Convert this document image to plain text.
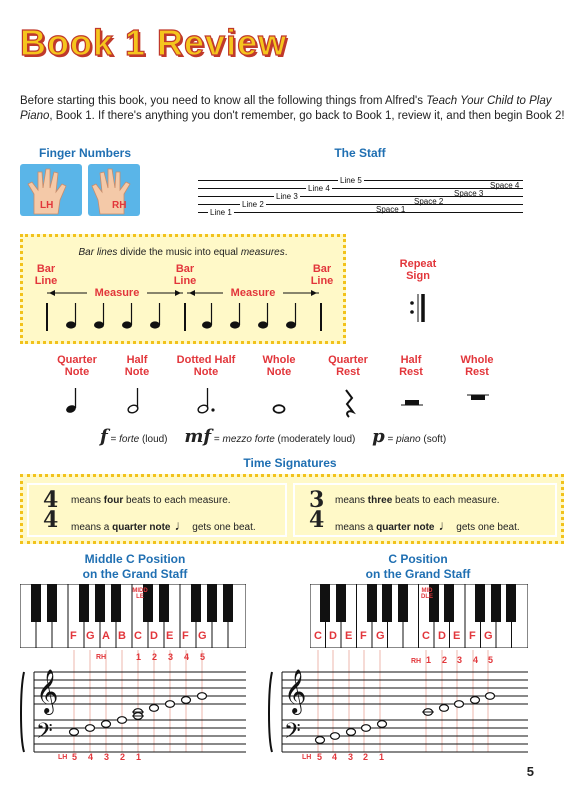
Book 1 Review
Before starting this book, you need to know all the following things from Alfred's Teach Your Child to Play Piano, Book 1. If there's anything you don't remember, go back to Book 1, review it, and then begin Book 2!
Finger Numbers
LH	RH
The Staff
Line 5
Line 4
Line 3
Line 2
Line 1
Space 4
Space 3
Space 2
Space 1
Bar lines divide the music into equal measures.
Bar
Line
Bar
Line
Bar
Line
Measure	Measure
Repeat
Sign
Quarter
Note
Half
Note
Dotted Half
Note
Whole
Note
Quarter
Rest
Half
Rest
Whole
Rest
f = forte (loud) mf = mezzo forte (moderately loud) p = piano (soft)
Time Signatures
4
4
means four beats to each measure.
means a quarter note ♩ gets one beat.
3
4
means three beats to each measure.
means a quarter note ♩ gets one beat.
Middle C Position
on the Grand Staff
MIDDLE
F G A B C D E F G
𝄞
𝄢
RH	1 2 3 4 5
LH 5 4 3 2 1
C Position
on the Grand Staff
MIDDLE
C D E F G	C D E F G
𝄞
𝄢
RH 1 2 3 4 5
LH 5 4 3 2 1
5
